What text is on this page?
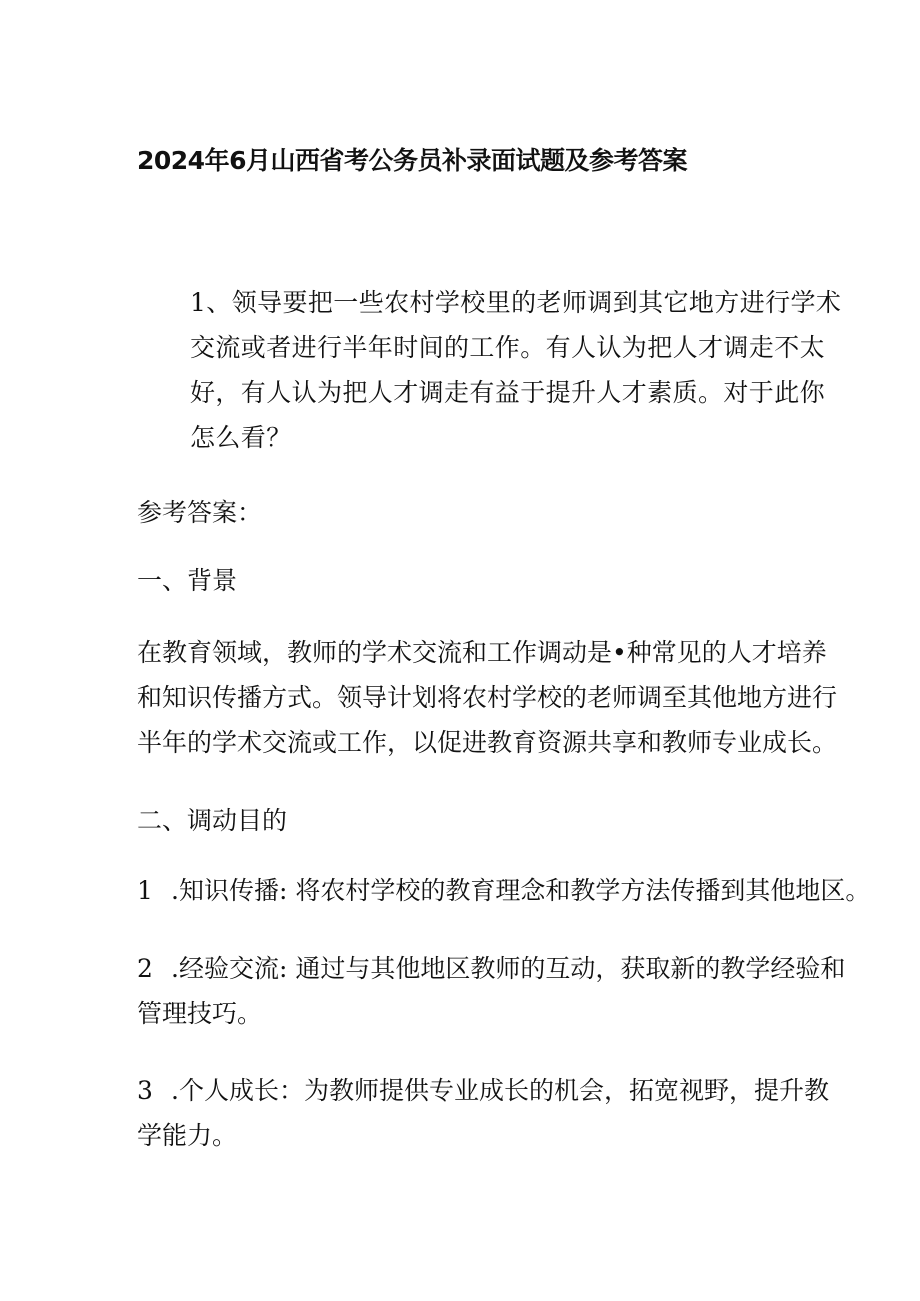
2024年6月山西省考公务员补录面试题及参考答案
1、领导要把一些农村学校里的老师调到其它地方进行学术
交流或者进行半年时间的工作。有人认为把人才调走不太
好，有人认为把人才调走有益于提升人才素质。对于此你
怎么看？
参考答案：
一、背景
在教育领域，教师的学术交流和工作调动是•种常见的人才培养
和知识传播方式。领导计划将农村学校的老师调至其他地方进行
半年的学术交流或工作，以促进教育资源共享和教师专业成长。
二、调动目的
1 .知识传播: 将农村学校的教育理念和教学方法传播到其他地区。
2 .经验交流: 通过与其他地区教师的互动，获取新的教学经验和
管理技巧。
3 .个人成长：为教师提供专业成长的机会，拓宽视野，提升教
学能力。
